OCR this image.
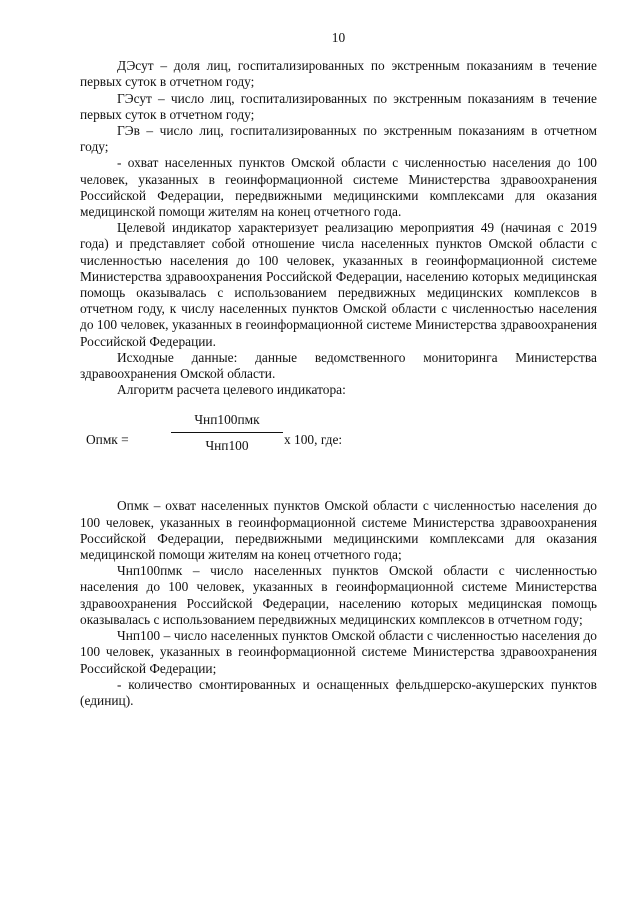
10

ДЭсут – доля лиц, госпитализированных по экстренным показаниям в течение первых суток в отчетном году;

ГЭсут – число лиц, госпитализированных по экстренным показаниям в течение первых суток в отчетном году;

ГЭв – число лиц, госпитализированных по экстренным показаниям в отчетном году;

- охват населенных пунктов Омской области с численностью населения до 100 человек, указанных в геоинформационной системе Министерства здравоохранения Российской Федерации, передвижными медицинскими комплексами для оказания медицинской помощи жителям на конец отчетного года.

Целевой индикатор характеризует реализацию мероприятия 49 (начиная с 2019 года) и представляет собой отношение числа населенных пунктов Омской области с численностью населения до 100 человек, указанных в геоинформационной системе Министерства здравоохранения Российской Федерации, населению которых медицинская помощь оказывалась с использованием передвижных медицинских комплексов в отчетном году, к числу населенных пунктов Омской области с численностью населения до 100 человек, указанных в геоинформационной системе Министерства здравоохранения Российской Федерации.

Исходные данные: данные ведомственного мониторинга Министерства здравоохранения Омской области.

Алгоритм расчета целевого индикатора:

Опмк =
Чнп100пмк
Чнп100	х 100, где:

Опмк – охват населенных пунктов Омской области с численностью населения до 100 человек, указанных в геоинформационной системе Министерства здравоохранения Российской Федерации, передвижными медицинскими комплексами для оказания медицинской помощи жителям на конец отчетного года;

Чнп100пмк – число населенных пунктов Омской области с численностью населения до 100 человек, указанных в геоинформационной системе Министерства здравоохранения Российской Федерации, населению которых медицинская помощь оказывалась с использованием передвижных медицинских комплексов в отчетном году;

Чнп100 – число населенных пунктов Омской области с численностью населения до 100 человек, указанных в геоинформационной системе Министерства здравоохранения Российской Федерации;

- количество смонтированных и оснащенных фельдшерско-акушерских пунктов (единиц).
